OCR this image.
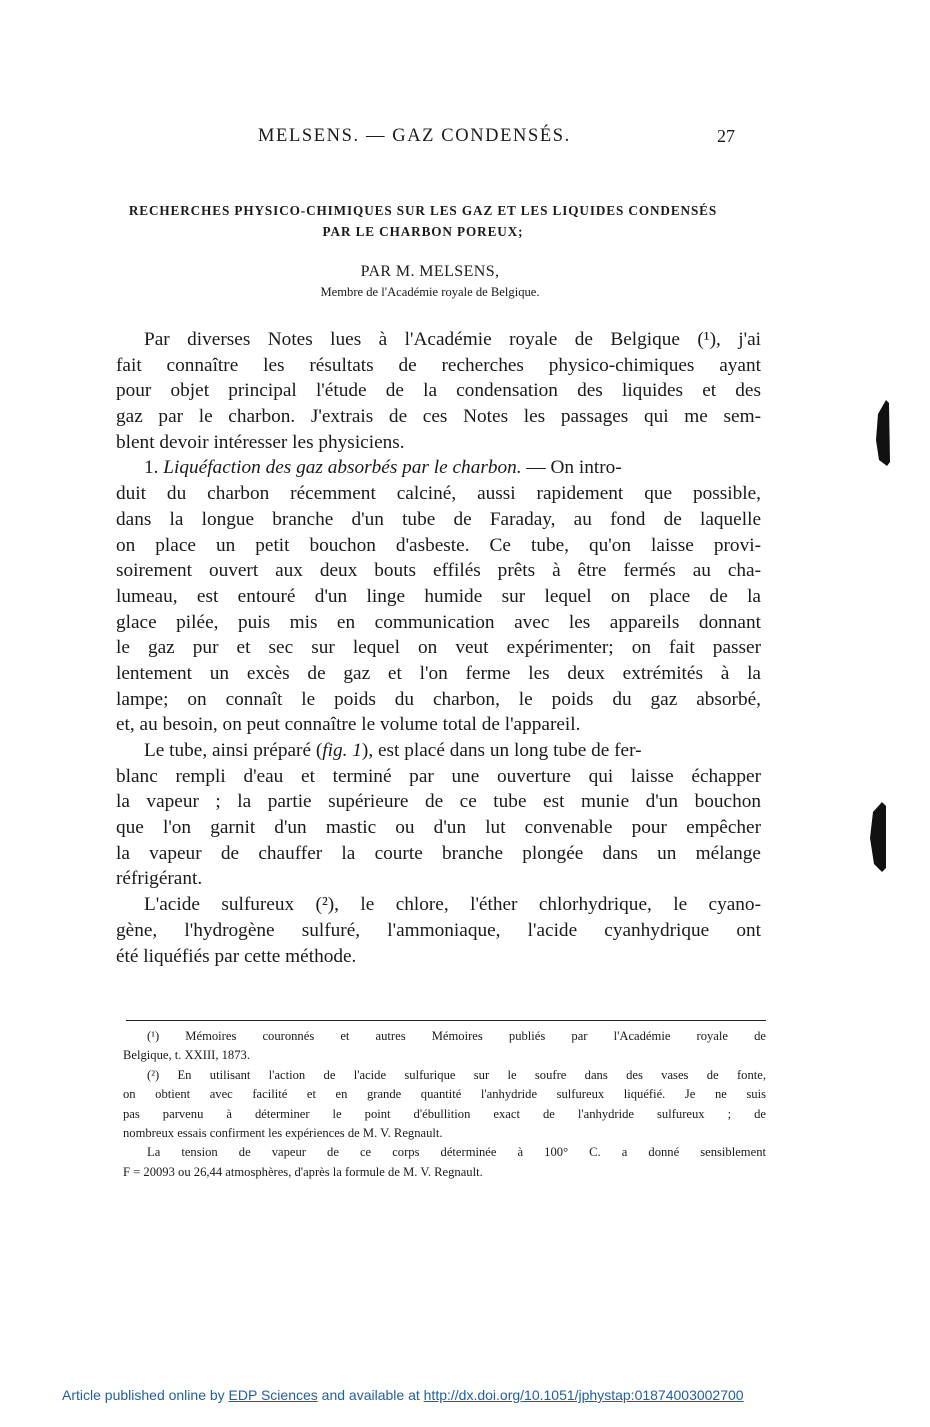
MELSENS. — GAZ CONDENSÉS.	27
RECHERCHES PHYSICO-CHIMIQUES SUR LES GAZ ET LES LIQUIDES CONDENSÉS
PAR LE CHARBON POREUX;
PAR M. MELSENS,
Membre de l'Académie royale de Belgique.
Par diverses Notes lues à l'Académie royale de Belgique (¹), j'ai
fait connaître les résultats de recherches physico-chimiques ayant
pour objet principal l'étude de la condensation des liquides et des
gaz par le charbon. J'extrais de ces Notes les passages qui me sem-
blent devoir intéresser les physiciens.
1. Liquéfaction des gaz absorbés par le charbon. — On intro-
duit du charbon récemment calciné, aussi rapidement que possible,
dans la longue branche d'un tube de Faraday, au fond de laquelle
on place un petit bouchon d'asbeste. Ce tube, qu'on laisse provi-
soirement ouvert aux deux bouts effilés prêts à être fermés au cha-
lumeau, est entouré d'un linge humide sur lequel on place de la
glace pilée, puis mis en communication avec les appareils donnant
le gaz pur et sec sur lequel on veut expérimenter; on fait passer
lentement un excès de gaz et l'on ferme les deux extrémités à la
lampe; on connaît le poids du charbon, le poids du gaz absorbé,
et, au besoin, on peut connaître le volume total de l'appareil.
Le tube, ainsi préparé (fig. 1), est placé dans un long tube de fer-
blanc rempli d'eau et terminé par une ouverture qui laisse échapper
la vapeur ; la partie supérieure de ce tube est munie d'un bouchon
que l'on garnit d'un mastic ou d'un lut convenable pour empêcher
la vapeur de chauffer la courte branche plongée dans un mélange
réfrigérant.
L'acide sulfureux (²), le chlore, l'éther chlorhydrique, le cyano-
gène, l'hydrogène sulfuré, l'ammoniaque, l'acide cyanhydrique ont
été liquéfiés par cette méthode.
(¹) Mémoires couronnés et autres Mémoires publiés par l'Académie royale de
Belgique, t. XXIII, 1873.
(²) En utilisant l'action de l'acide sulfurique sur le soufre dans des vases de fonte,
on obtient avec facilité et en grande quantité l'anhydride sulfureux liquéfié. Je ne suis
pas parvenu à déterminer le point d'ébullition exact de l'anhydride sulfureux ; de
nombreux essais confirment les expériences de M. V. Regnault.
La tension de vapeur de ce corps déterminée à 100° C. a donné sensiblement
F = 20093 ou 26,44 atmosphères, d'après la formule de M. V. Regnault.
Article published online by EDP Sciences and available at http://dx.doi.org/10.1051/jphystap:01874003002700
